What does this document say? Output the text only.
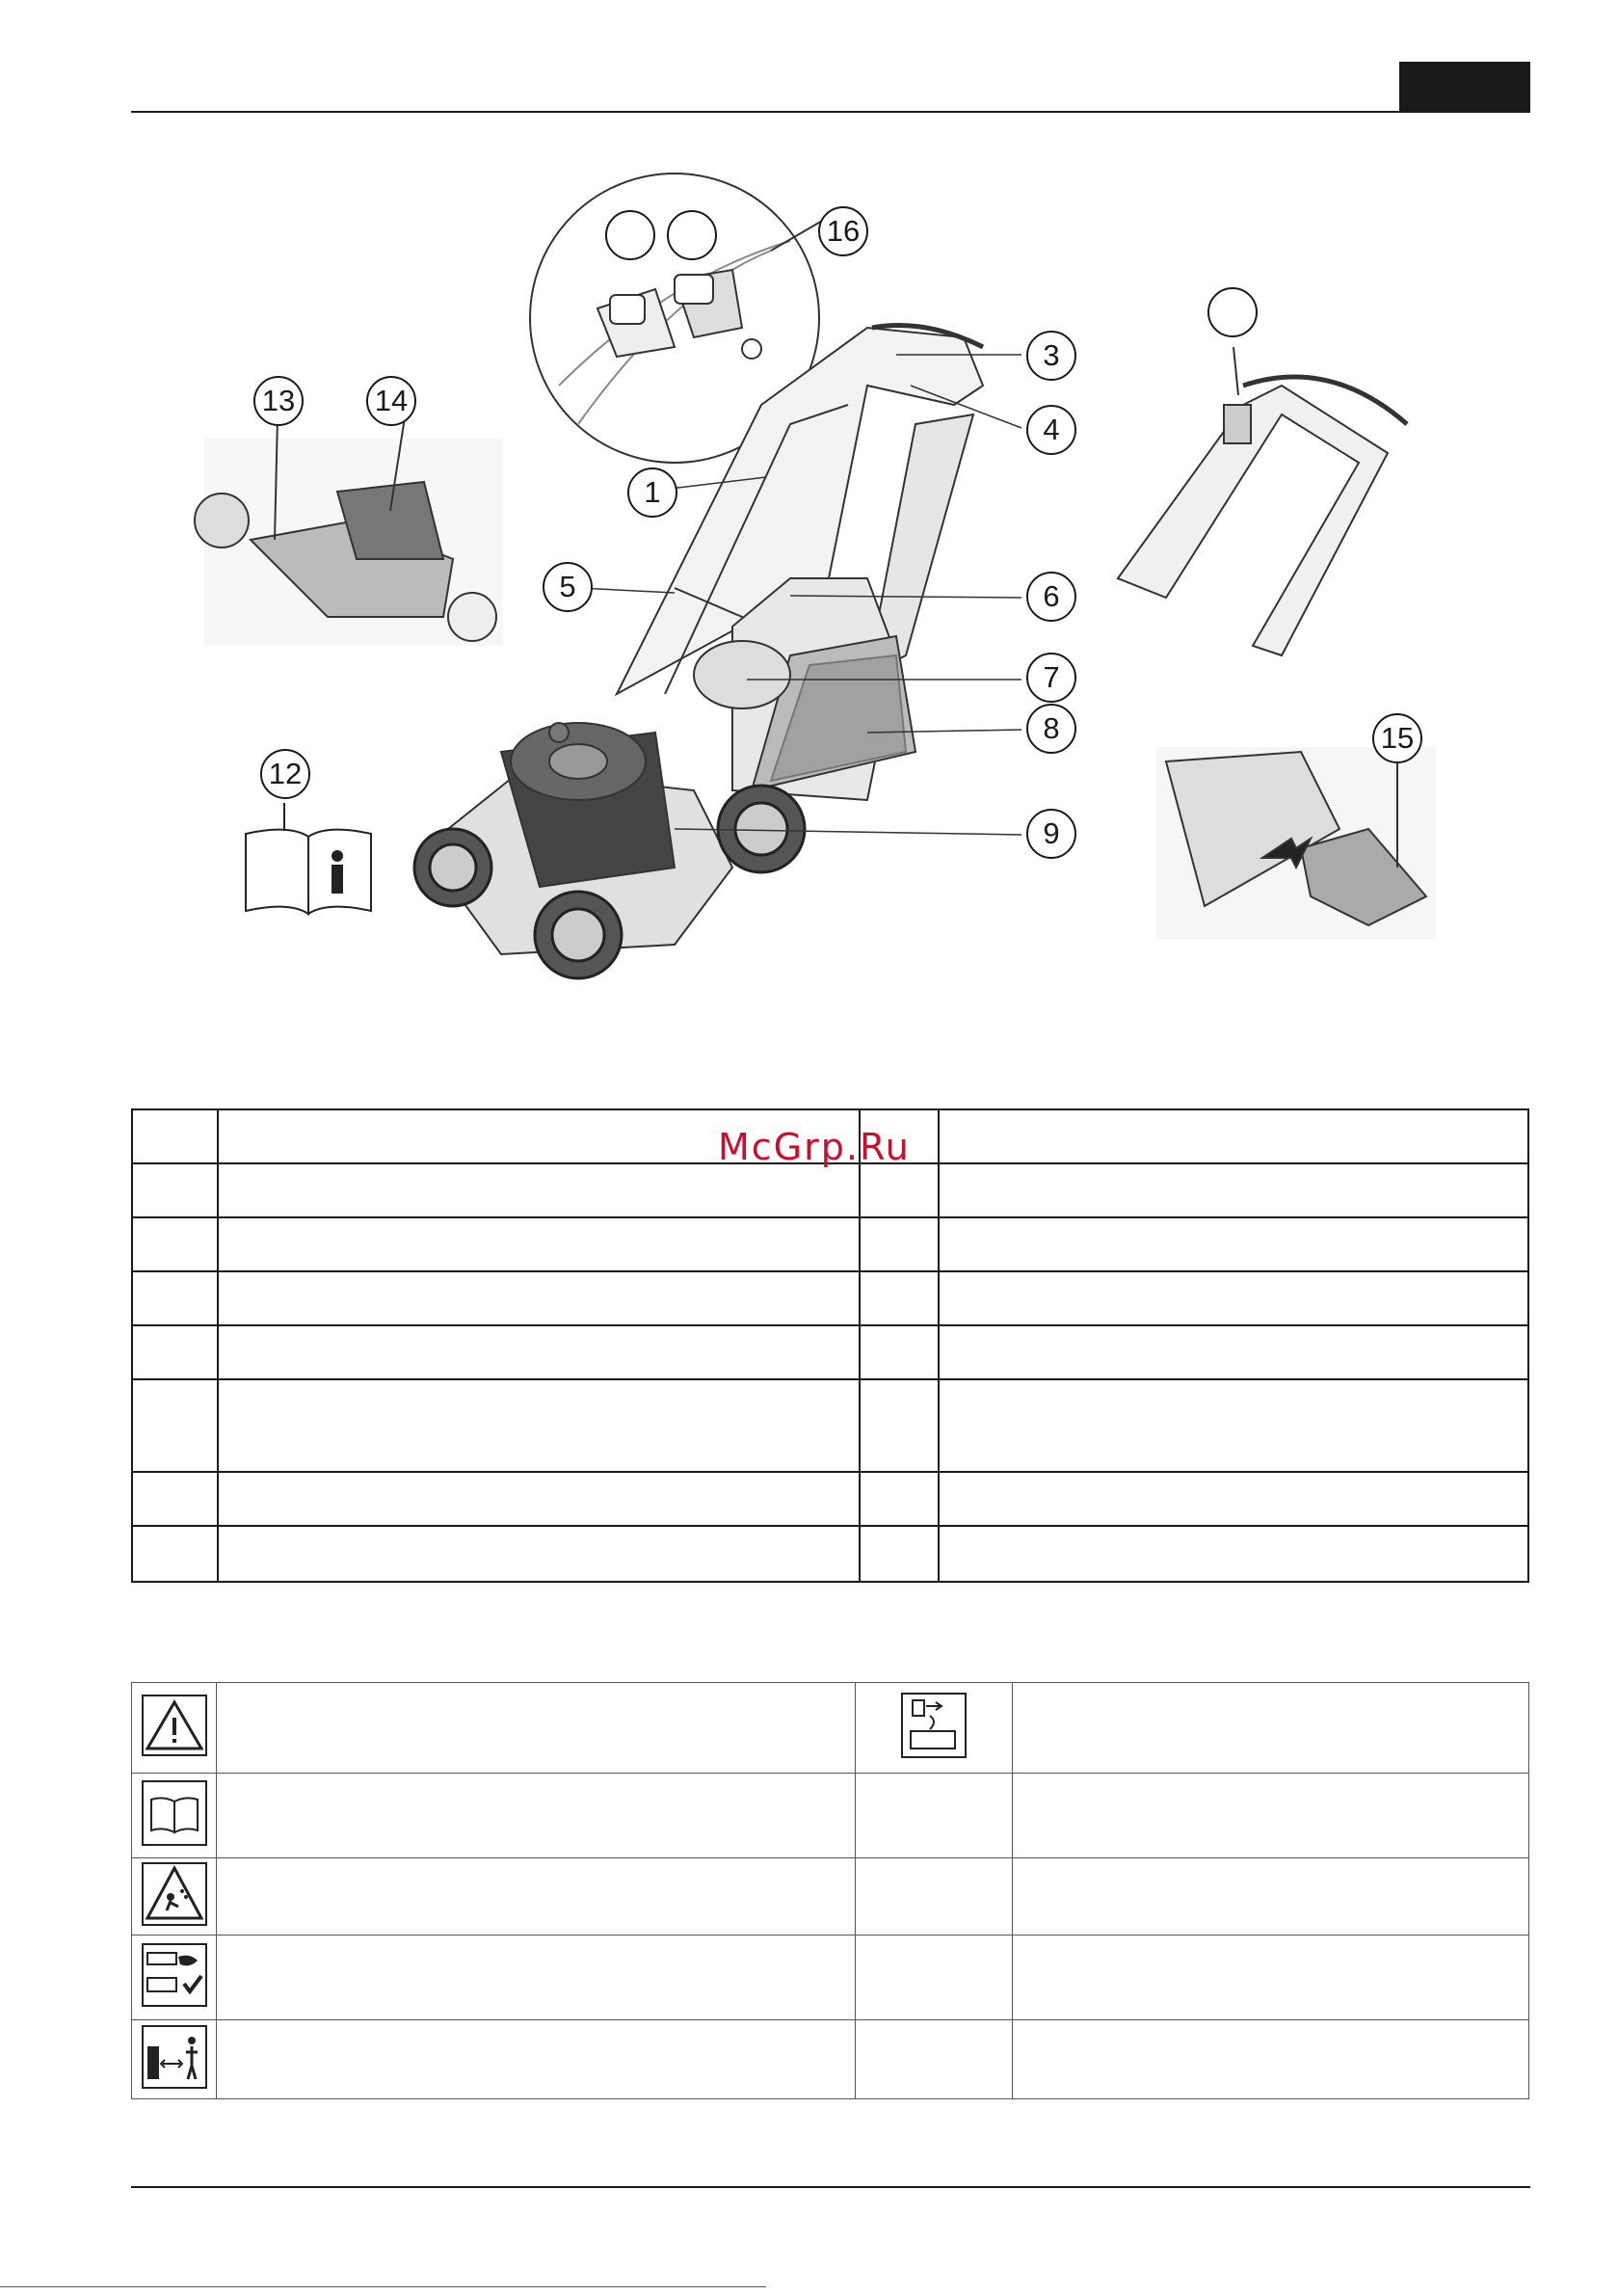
16
3
4
1
5	6
7
8
9
13	14
12
15

McGrp.Ru
